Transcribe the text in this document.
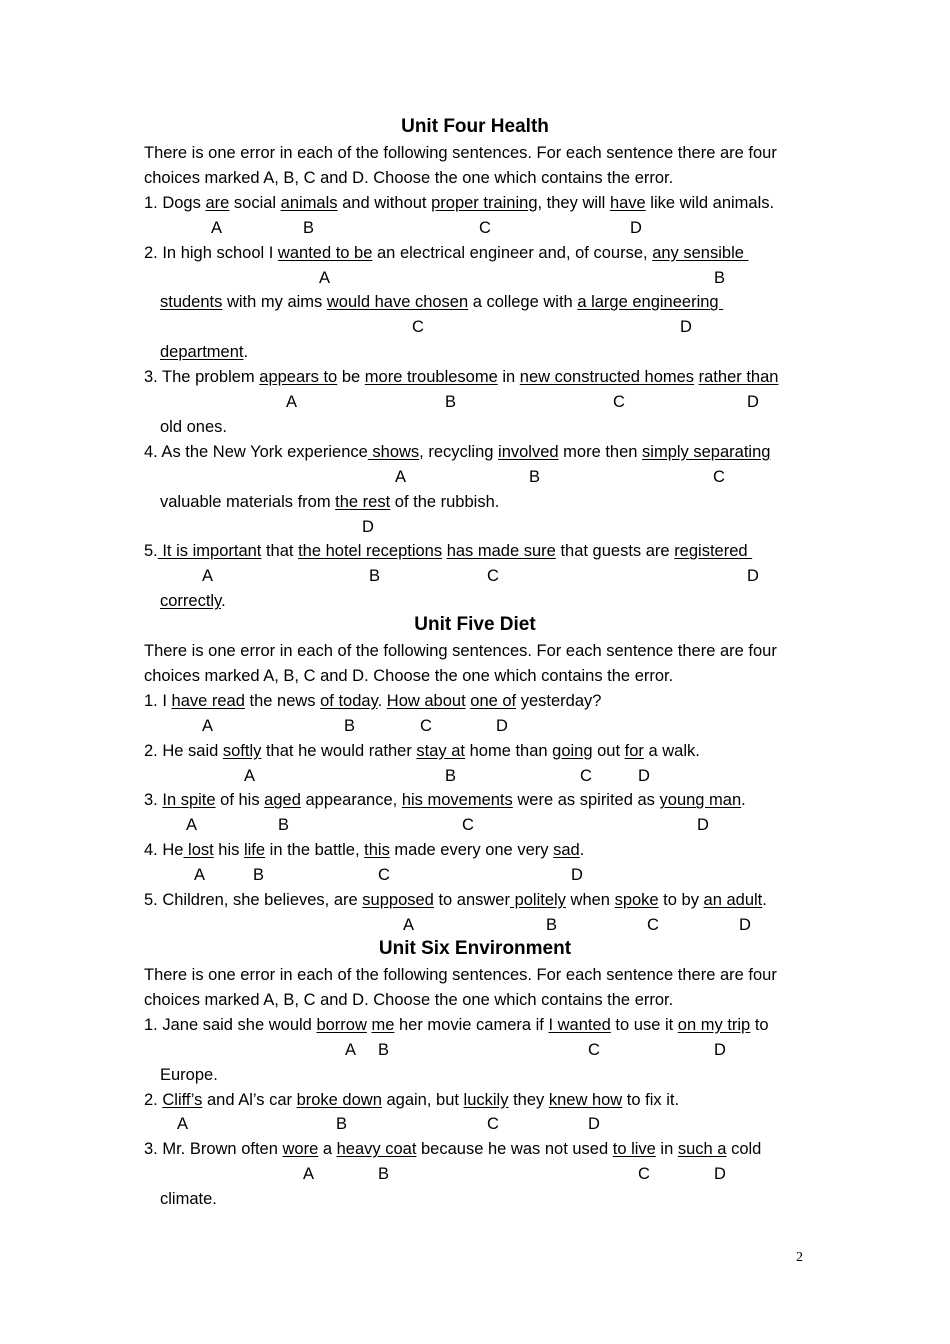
2
Unit Four Health
There is one error in each of the following sentences. For each sentence there are four
choices marked A, B, C and D. Choose the one which contains the error.
1. Dogs are social animals and without proper training, they will have like wild animals.
A	B	C	D
2. In high school I wanted to be an electrical engineer and, of course, any sensible
A	B
students with my aims would have chosen a college with a large engineering
C	D
department.
3. The problem appears to be more troublesome in new constructed homes rather than
A	B	C	D
old ones.
4. As the New York experience shows, recycling involved more then simply separating
A	B	C
valuable materials from the rest of the rubbish.
D
5. It is important that the hotel receptions has made sure that guests are registered
A	B	C	D
correctly.
Unit Five Diet
There is one error in each of the following sentences. For each sentence there are four
choices marked A, B, C and D. Choose the one which contains the error.
1. I have read the news of today. How about one of yesterday?
A	B	C	D
2. He said softly that he would rather stay at home than going out for a walk.
A	B	C	D
3. In spite of his aged appearance, his movements were as spirited as young man.
A	B	C	D
4. He lost his life in the battle, this made every one very sad.
A	B	C	D
5. Children, she believes, are supposed to answer politely when spoke to by an adult.
A	B	C	D
Unit Six Environment
There is one error in each of the following sentences. For each sentence there are four
choices marked A, B, C and D. Choose the one which contains the error.
1. Jane said she would borrow me her movie camera if I wanted to use it on my trip to
A B	C	D
Europe.
2. Cliff’s and Al’s car broke down again, but luckily they knew how to fix it.
A	B	C	D
3. Mr. Brown often wore a heavy coat because he was not used to live in such a cold
A	B	C	D
climate.
